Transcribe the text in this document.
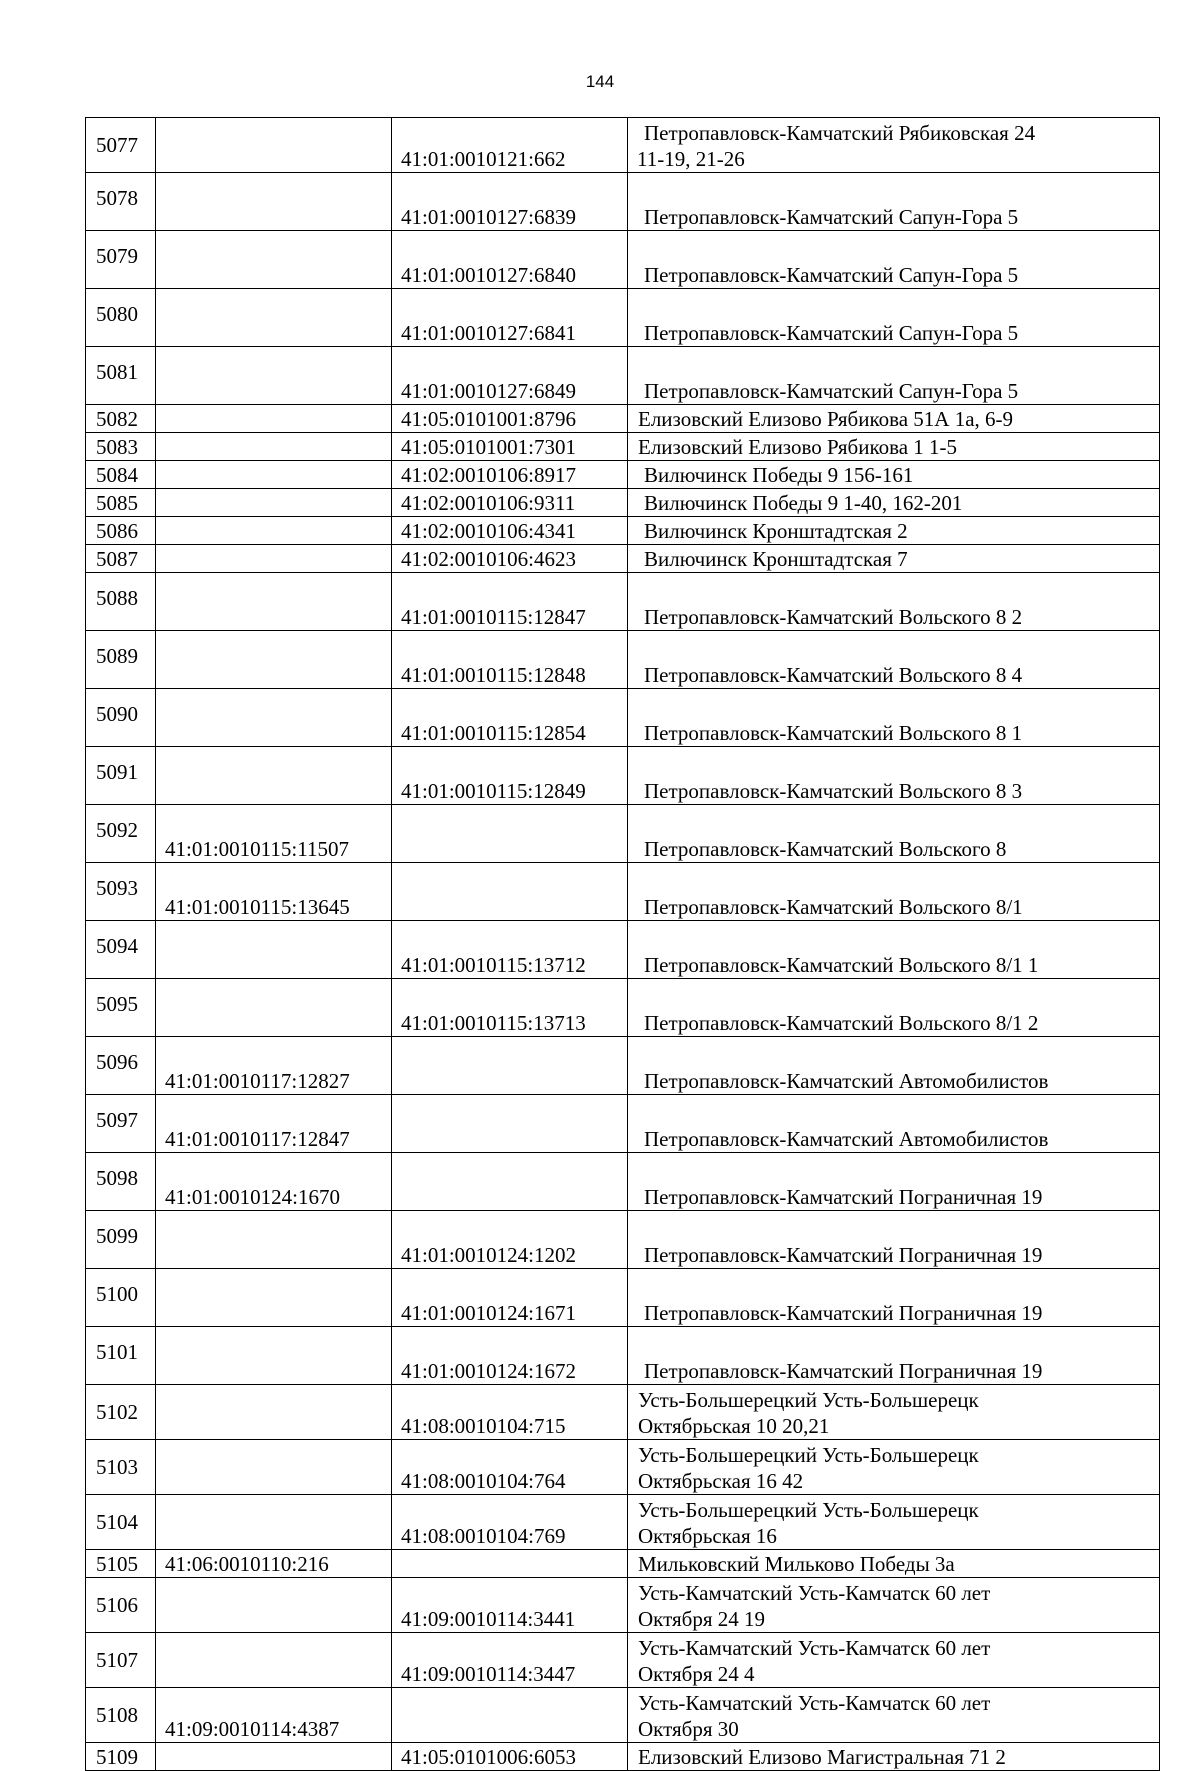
144
5077		41:01:0010121:662	Петропавловск-Камчатский Рябиковская 24
11-19, 21-26

5078		41:01:0010127:6839	Петропавловск-Камчатский Сапун-Гора 5

5079		41:01:0010127:6840	Петропавловск-Камчатский Сапун-Гора 5

5080		41:01:0010127:6841	Петропавловск-Камчатский Сапун-Гора 5

5081		41:01:0010127:6849	Петропавловск-Камчатский Сапун-Гора 5

5082		41:05:0101001:8796	Елизовский Елизово Рябикова 51А 1а, 6-9

5083		41:05:0101001:7301	Елизовский Елизово Рябикова 1 1-5

5084		41:02:0010106:8917	Вилючинск Победы 9 156-161

5085		41:02:0010106:9311	Вилючинск Победы 9 1-40, 162-201

5086		41:02:0010106:4341	Вилючинск Кронштадтская 2

5087		41:02:0010106:4623	Вилючинск Кронштадтская 7

5088		41:01:0010115:12847	Петропавловск-Камчатский Вольского 8 2

5089		41:01:0010115:12848	Петропавловск-Камчатский Вольского 8 4

5090		41:01:0010115:12854	Петропавловск-Камчатский Вольского 8 1

5091		41:01:0010115:12849	Петропавловск-Камчатский Вольского 8 3

5092	41:01:0010115:11507		Петропавловск-Камчатский Вольского 8

5093	41:01:0010115:13645		Петропавловск-Камчатский Вольского 8/1

5094		41:01:0010115:13712	Петропавловск-Камчатский Вольского 8/1 1

5095		41:01:0010115:13713	Петропавловск-Камчатский Вольского 8/1 2

5096	41:01:0010117:12827		Петропавловск-Камчатский Автомобилистов

5097	41:01:0010117:12847		Петропавловск-Камчатский Автомобилистов

5098	41:01:0010124:1670		Петропавловск-Камчатский Пограничная 19

5099		41:01:0010124:1202	Петропавловск-Камчатский Пограничная 19

5100		41:01:0010124:1671	Петропавловск-Камчатский Пограничная 19

5101		41:01:0010124:1672	Петропавловск-Камчатский Пограничная 19

5102		41:08:0010104:715	Усть-Большерецкий Усть-Большерецк
Октябрьская 10 20,21

5103		41:08:0010104:764	Усть-Большерецкий Усть-Большерецк
Октябрьская 16 42

5104		41:08:0010104:769	Усть-Большерецкий Усть-Большерецк
Октябрьская 16

5105	41:06:0010110:216		Мильковский Мильково Победы 3а

5106		41:09:0010114:3441	Усть-Камчатский Усть-Камчатск 60 лет
Октября 24 19

5107		41:09:0010114:3447	Усть-Камчатский Усть-Камчатск 60 лет
Октября 24 4

5108	41:09:0010114:4387		Усть-Камчатский Усть-Камчатск 60 лет
Октября 30

5109		41:05:0101006:6053	Елизовский Елизово Магистральная 71 2
